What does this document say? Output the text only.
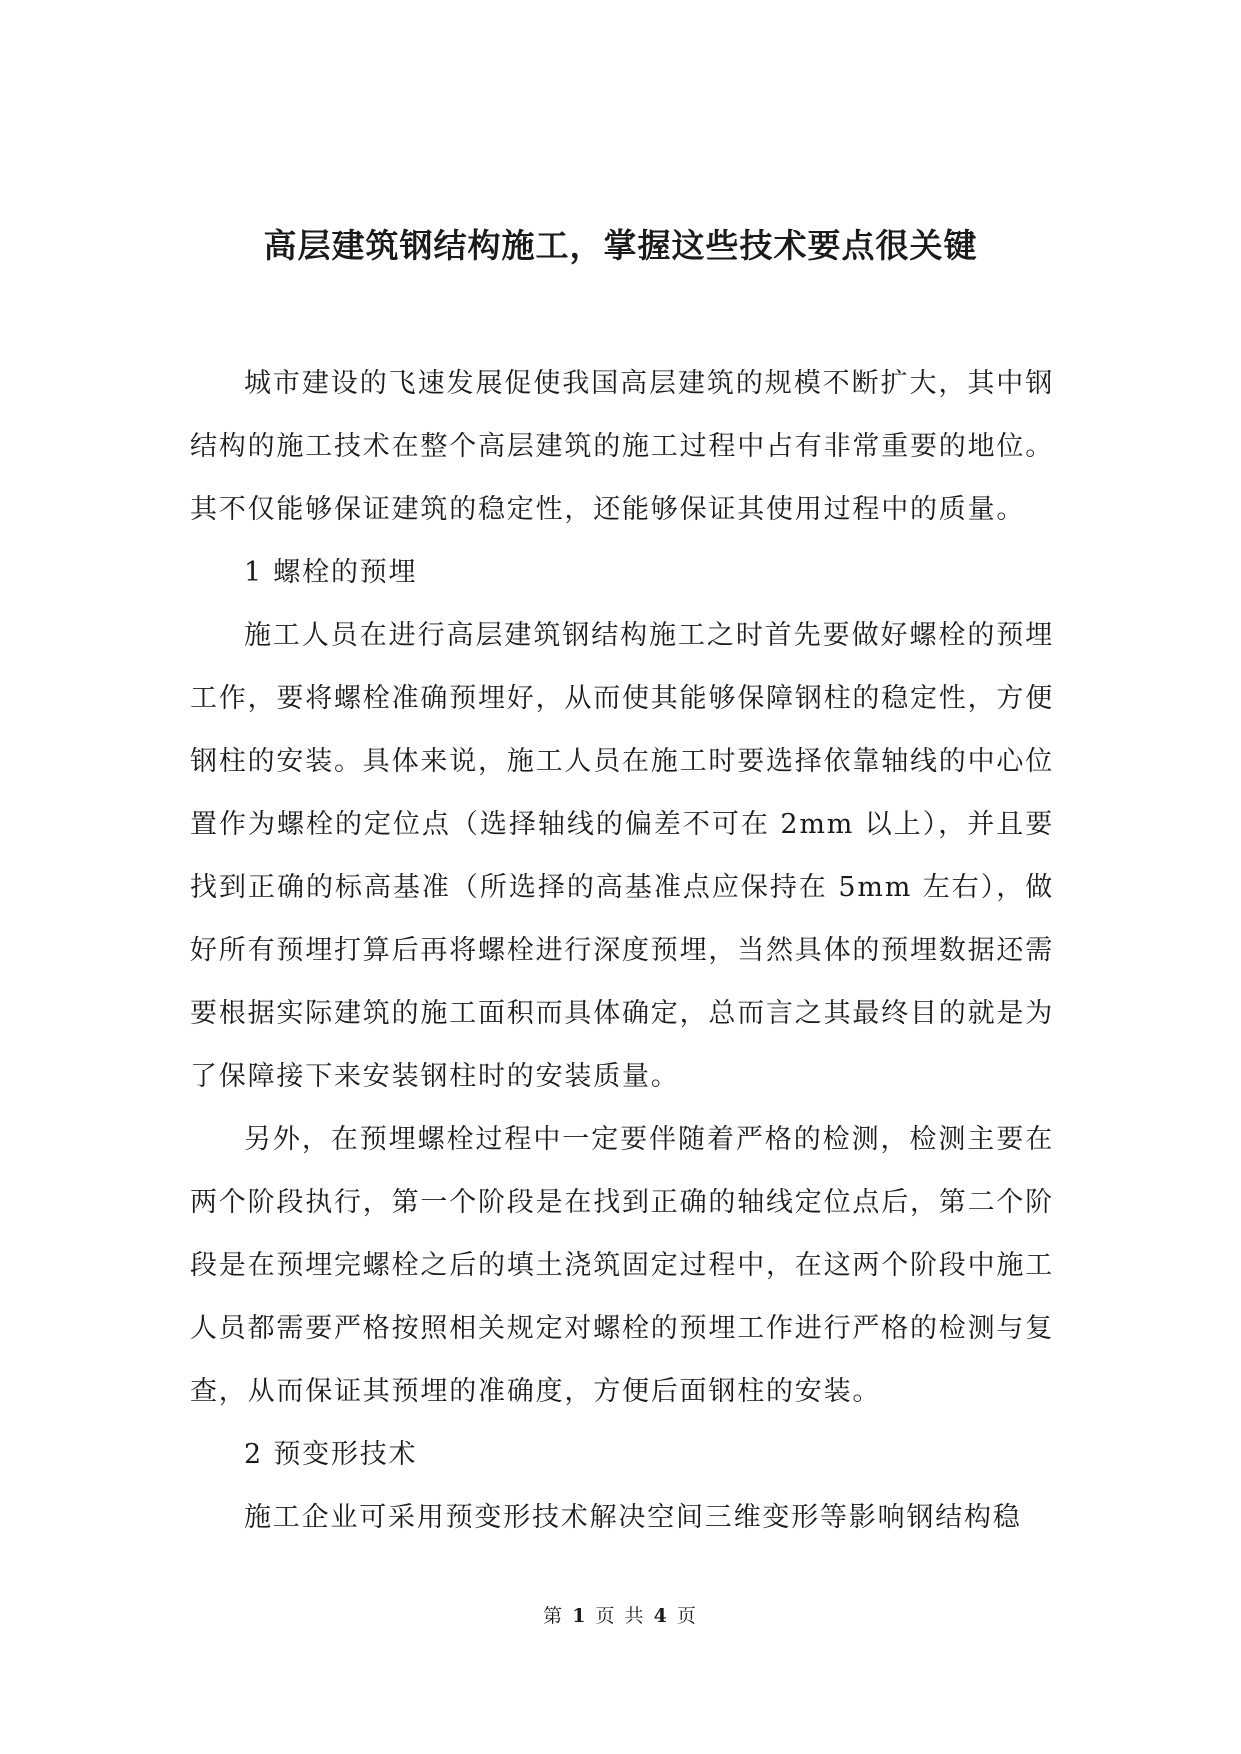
高层建筑钢结构施工，掌握这些技术要点很关键

城市建设的飞速发展促使我国高层建筑的规模不断扩大，其中钢结构的施工技术在整个高层建筑的施工过程中占有非常重要的地位。其不仅能够保证建筑的稳定性，还能够保证其使用过程中的质量。

1 螺栓的预埋

施工人员在进行高层建筑钢结构施工之时首先要做好螺栓的预埋工作，要将螺栓准确预埋好，从而使其能够保障钢柱的稳定性，方便钢柱的安装。具体来说，施工人员在施工时要选择依靠轴线的中心位置作为螺栓的定位点（选择轴线的偏差不可在 2mm 以上），并且要找到正确的标高基准（所选择的高基准点应保持在 5mm 左右），做好所有预埋打算后再将螺栓进行深度预埋，当然具体的预埋数据还需要根据实际建筑的施工面积而具体确定，总而言之其最终目的就是为了保障接下来安装钢柱时的安装质量。

另外，在预埋螺栓过程中一定要伴随着严格的检测，检测主要在两个阶段执行，第一个阶段是在找到正确的轴线定位点后，第二个阶段是在预埋完螺栓之后的填土浇筑固定过程中，在这两个阶段中施工人员都需要严格按照相关规定对螺栓的预埋工作进行严格的检测与复查，从而保证其预埋的准确度，方便后面钢柱的安装。

2 预变形技术

施工企业可采用预变形技术解决空间三维变形等影响钢结构稳

第 1 页 共 4 页
